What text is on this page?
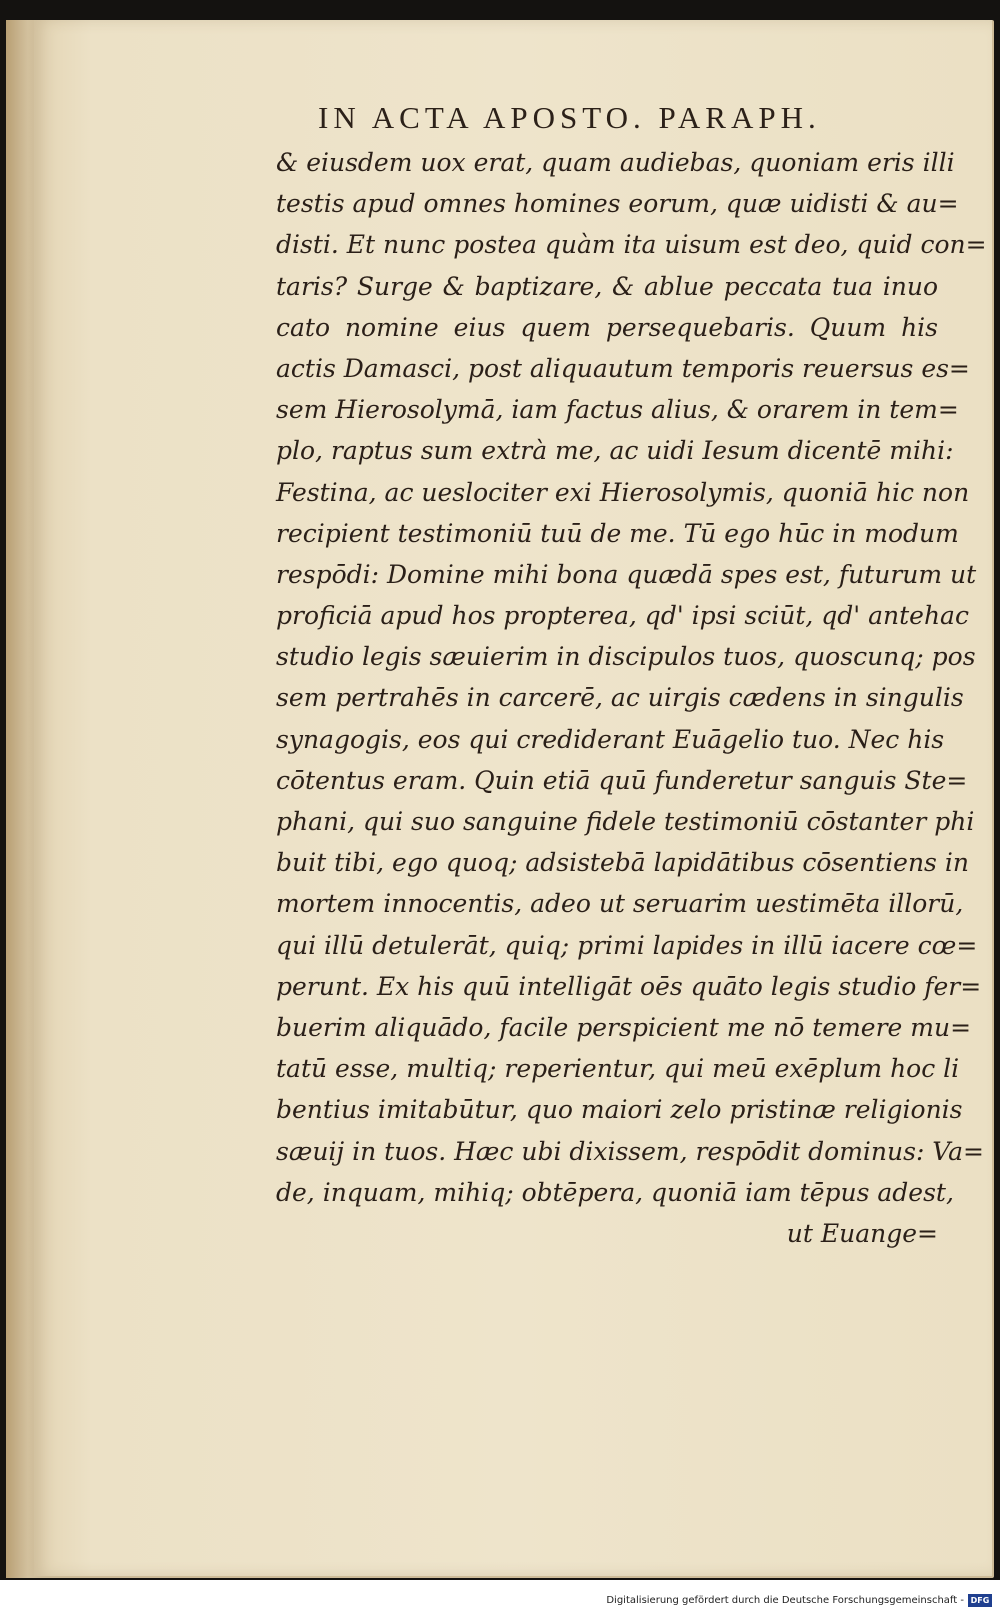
IN ACTA APOSTO. PARAPH.
& eiusdem uox erat, quam audiebas, quoniam eris illi
testis apud omnes homines eorum, quæ uidisti & au=
disti. Et nunc postea quàm ita uisum est deo, quid con=
taris? Surge & baptizare, & ablue peccata tua inuo
cato nomine eius quem persequebaris. Quum his
actis Damasci, post aliquautum temporis reuersus es=
sem Hierosolymā, iam factus alius, & orarem in tem=
plo, raptus sum extrà me, ac uidi Iesum dicentē mihi:
Festina, ac ueslociter exi Hierosolymis, quoniā hic non
recipient testimoniū tuū de me. Tū ego hūc in modum
respōdi: Domine mihi bona quædā spes est, futurum ut
proficiā apud hos propterea, qd' ipsi sciūt, qd' antehac
studio legis sæuierim in discipulos tuos, quoscunq; pos
sem pertrahēs in carcerē, ac uirgis cædens in singulis
synagogis, eos qui crediderant Euāgelio tuo. Nec his
cōtentus eram. Quin etiā quū funderetur sanguis Ste=
phani, qui suo sanguine fidele testimoniū cōstanter phi
buit tibi, ego quoq; adsistebā lapidātibus cōsentiens in
mortem innocentis, adeo ut seruarim uestimēta illorū,
qui illū detulerāt, quiq; primi lapides in illū iacere cœ=
perunt. Ex his quū intelligāt oēs quāto legis studio fer=
buerim aliquādo, facile perspicient me nō temere mu=
tatū esse, multiq; reperientur, qui meū exēplum hoc li
bentius imitabūtur, quo maiori zelo pristinæ religionis
sæuij in tuos. Hæc ubi dixissem, respōdit dominus: Va=
de, inquam, mihiq; obtēpera, quoniā iam tēpus adest,
ut Euange=
Digitalisierung gefördert durch die Deutsche Forschungsgemeinschaft - DFG
